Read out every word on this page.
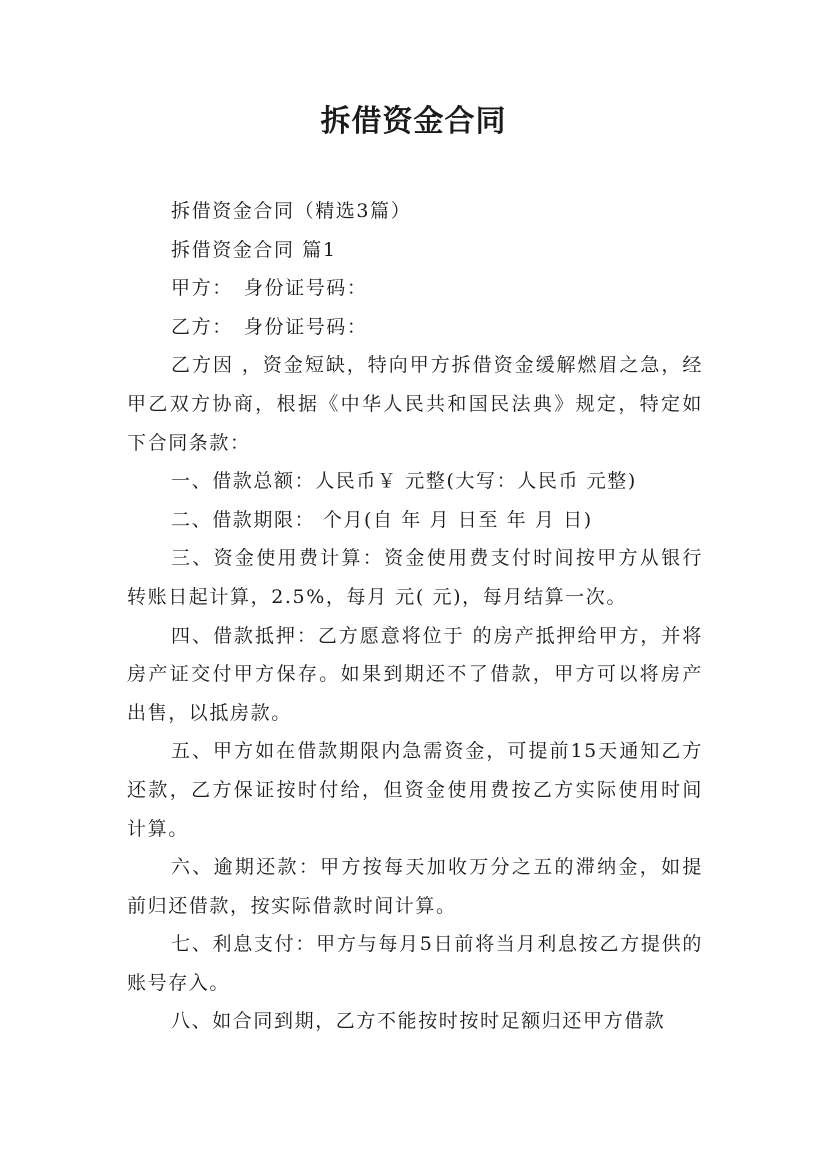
拆借资金合同

拆借资金合同（精选3篇）

拆借资金合同 篇1

甲方：　身份证号码：

乙方：　身份证号码：

乙方因 ，资金短缺，特向甲方拆借资金缓解燃眉之急，经甲乙双方协商，根据《中华人民共和国民法典》规定，特定如下合同条款：

一、借款总额：人民币￥ 元整(大写：人民币 元整)

二、借款期限： 个月(自 年 月 日至 年 月 日)

三、资金使用费计算：资金使用费支付时间按甲方从银行转账日起计算，2.5%，每月 元( 元)，每月结算一次。

四、借款抵押：乙方愿意将位于 的房产抵押给甲方，并将房产证交付甲方保存。如果到期还不了借款，甲方可以将房产出售，以抵房款。

五、甲方如在借款期限内急需资金，可提前15天通知乙方还款，乙方保证按时付给，但资金使用费按乙方实际使用时间计算。

六、逾期还款：甲方按每天加收万分之五的滞纳金，如提前归还借款，按实际借款时间计算。

七、利息支付：甲方与每月5日前将当月利息按乙方提供的账号存入。

八、如合同到期，乙方不能按时按时足额归还甲方借款
